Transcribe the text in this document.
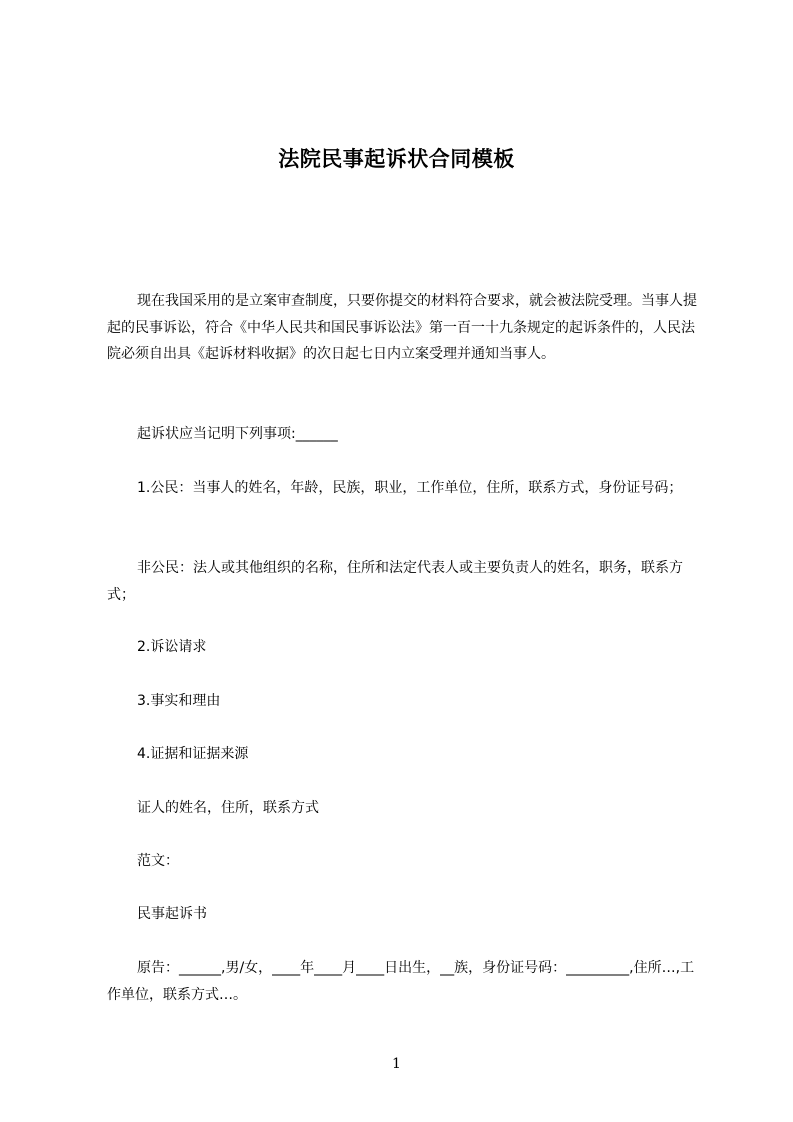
法院民事起诉状合同模板

现在我国采用的是立案审查制度，只要你提交的材料符合要求，就会被法院受理。当事人提起的民事诉讼，符合《中华人民共和国民事诉讼法》第一百一十九条规定的起诉条件的，人民法院必须自出具《起诉材料收据》的次日起七日内立案受理并通知当事人。

起诉状应当记明下列事项:______

1.公民：当事人的姓名，年龄，民族，职业，工作单位，住所，联系方式，身份证号码；

非公民：法人或其他组织的名称，住所和法定代表人或主要负责人的姓名，职务，联系方式；

2.诉讼请求

3.事实和理由

4.证据和证据来源

证人的姓名，住所，联系方式

范文：

民事起诉书

原告：______,男/女，____年____月____日出生，__族，身份证号码：_________,住所…,工作单位，联系方式…。

1
